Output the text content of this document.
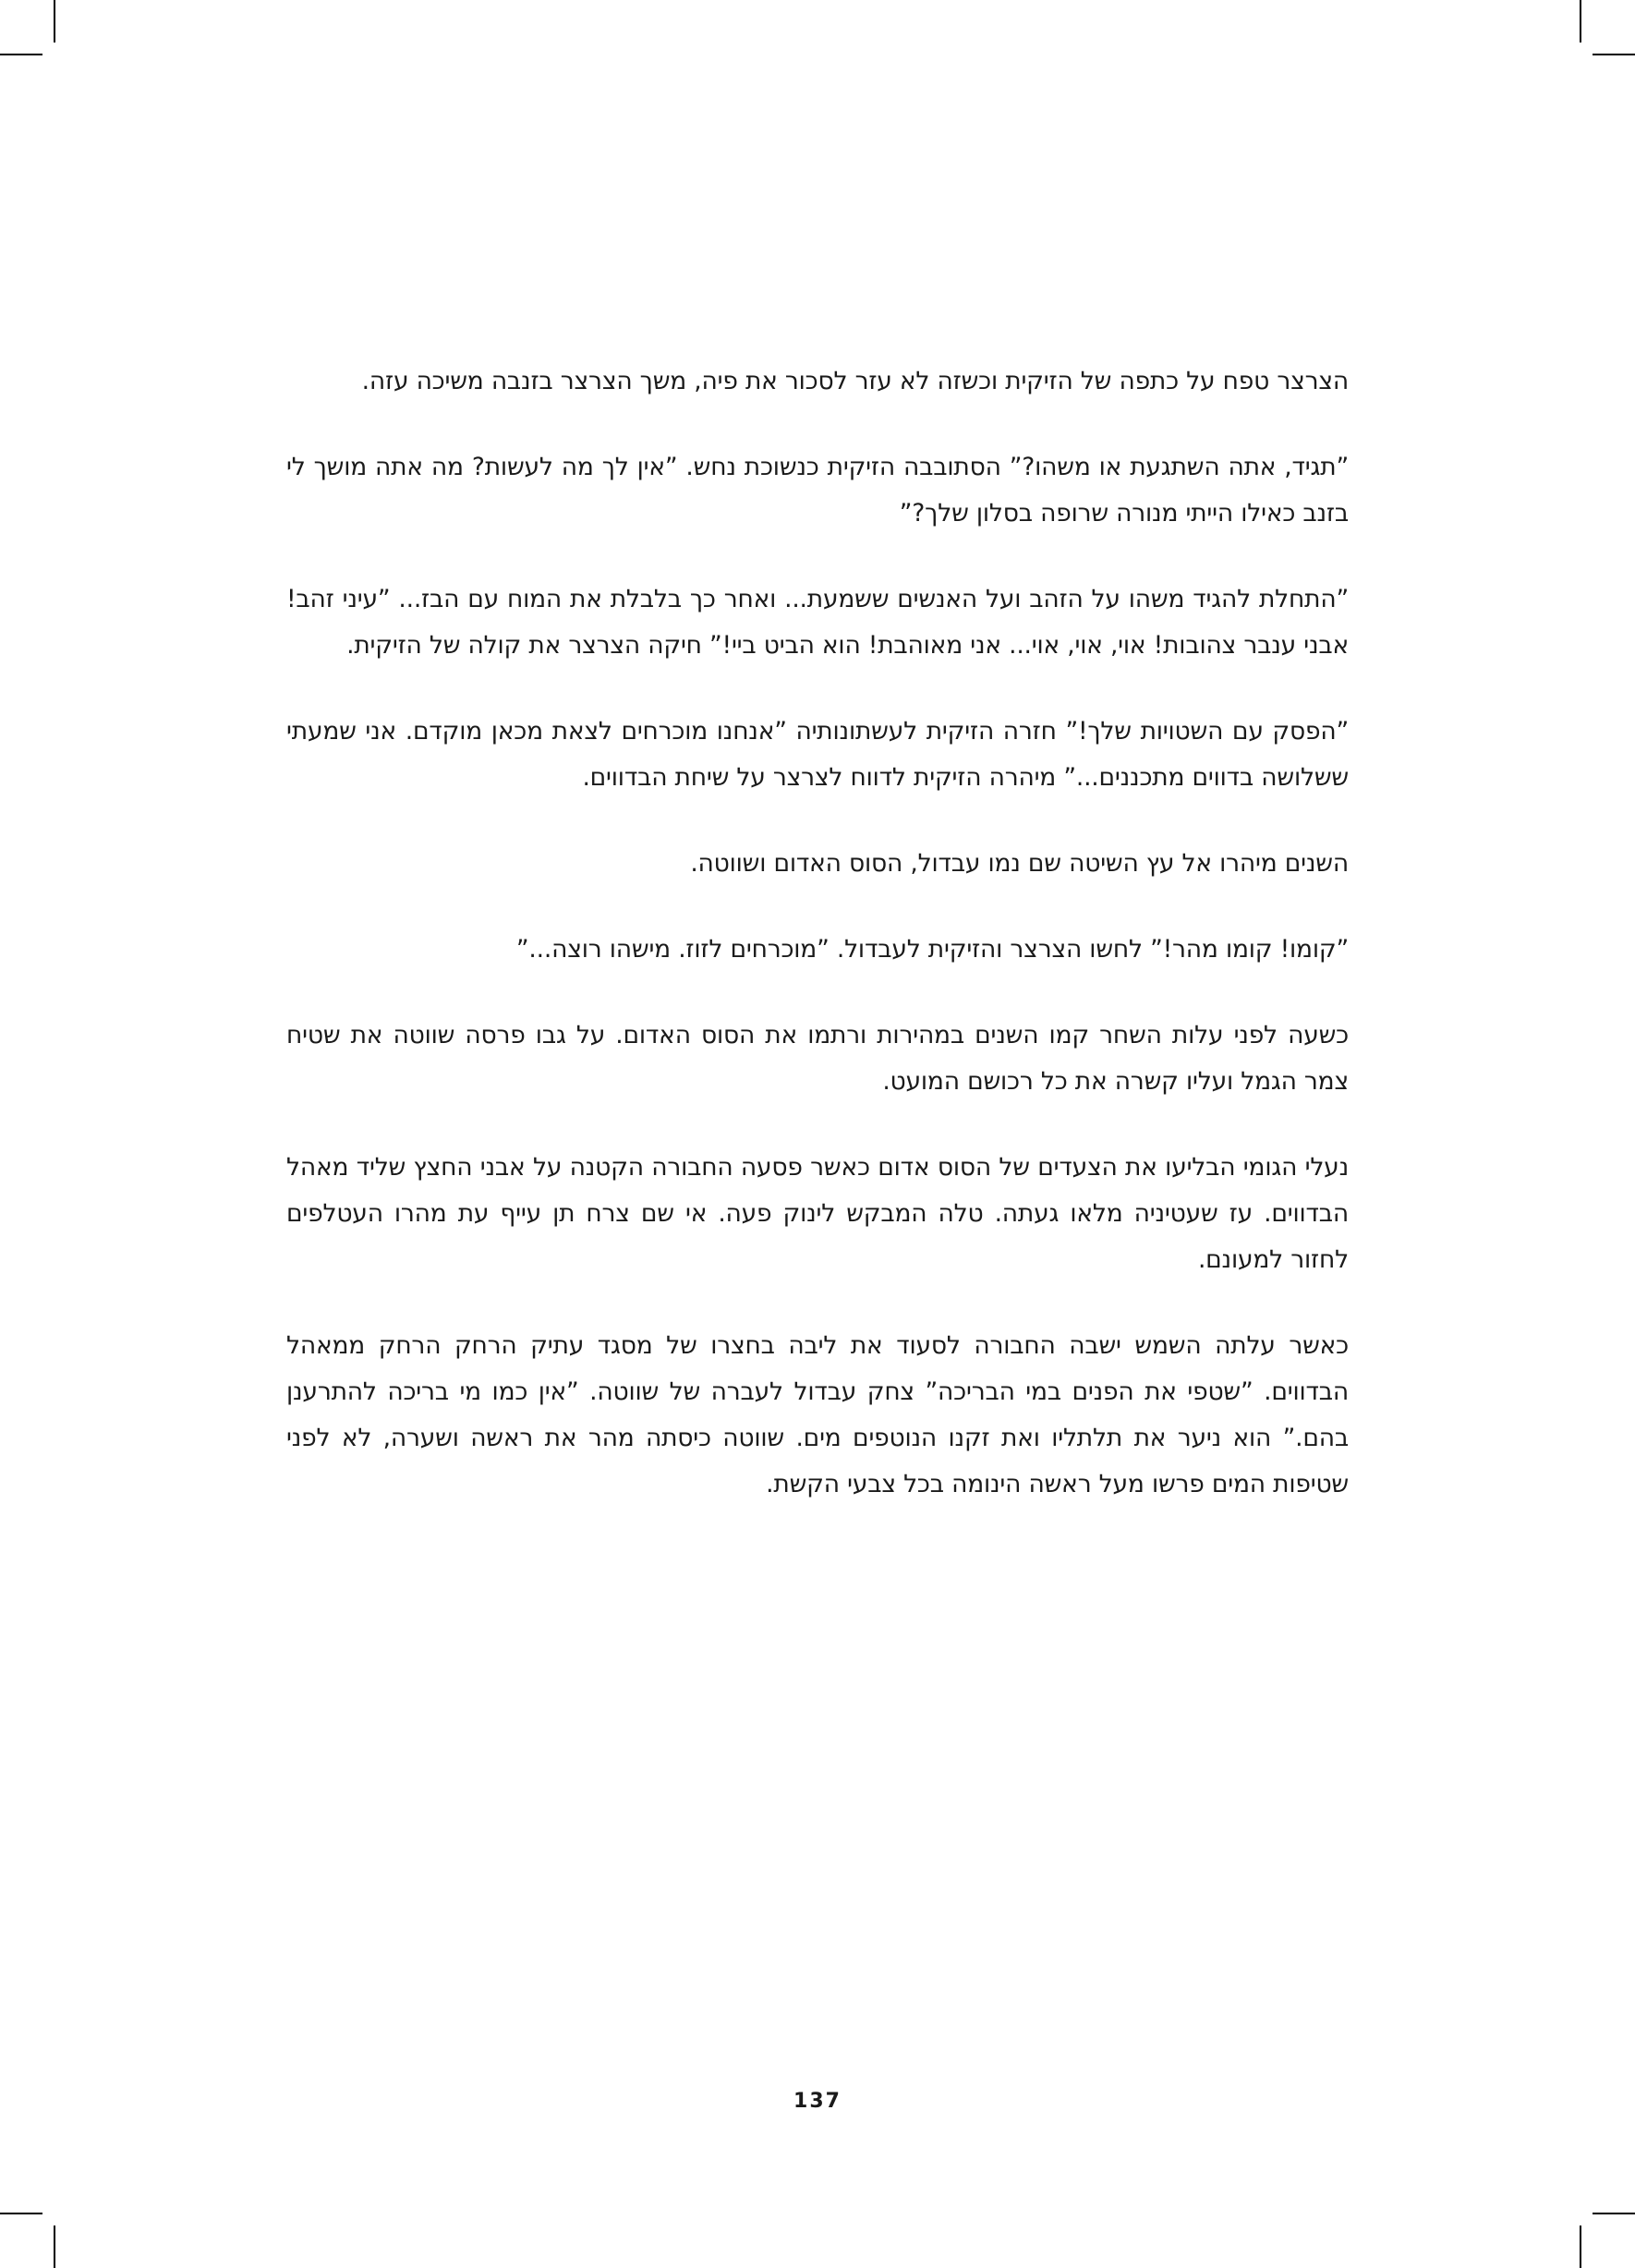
הצרצר טפח על כתפה של הזיקית וכשזה לא עזר לסכור את פיה, משך הצרצר בזנבה משיכה עזה.

”תגיד, אתה השתגעת או משהו?” הסתובבה הזיקית כנשוכת נחש. ”אין לך מה לעשות? מה אתה מושך לי בזנב כאילו הייתי מנורה שרופה בסלון שלך?”

”התחלת להגיד משהו על הזהב ועל האנשים ששמעת... ואחר כך בלבלת את המוח עם הבז... ”עיני זהב! אבני ענבר צהובות! אוי, אוי, אוי... אני מאוהבת! הוא הביט ביי!” חיקה הצרצר את קולה של הזיקית.

”הפסק עם השטויות שלך!” חזרה הזיקית לעשתונותיה ”אנחנו מוכרחים לצאת מכאן מוקדם. אני שמעתי ששלושה בדווים מתכננים...” מיהרה הזיקית לדווח לצרצר על שיחת הבדווים.

השנים מיהרו אל עץ השיטה שם נמו עבדול, הסוס האדום ושווטה.

”קומו! קומו מהר!” לחשו הצרצר והזיקית לעבדול. ”מוכרחים לזוז. מישהו רוצה...”

כשעה לפני עלות השחר קמו השנים במהירות ורתמו את הסוס האדום. על גבו פרסה שווטה את שטיח צמר הגמל ועליו קשרה את כל רכושם המועט.

נעלי הגומי הבליעו את הצעדים של הסוס אדום כאשר פסעה החבורה הקטנה על אבני החצץ שליד מאהל הבדווים. עז שעטיניה מלאו געתה. טלה המבקש לינוק פעה. אי שם צרח תן עייף עת מהרו העטלפים לחזור למעונם.

כאשר עלתה השמש ישבה החבורה לסעוד את ליבה בחצרו של מסגד עתיק הרחק הרחק ממאהל הבדווים. ”שטפי את הפנים במי הבריכה” צחק עבדול לעברה של שווטה. ”אין כמו מי בריכה להתרענן בהם.” הוא ניער את תלתליו ואת זקנו הנוטפים מים. שווטה כיסתה מהר את ראשה ושערה, לא לפני שטיפות המים פרשו מעל ראשה הינומה בכל צבעי הקשת.

137
